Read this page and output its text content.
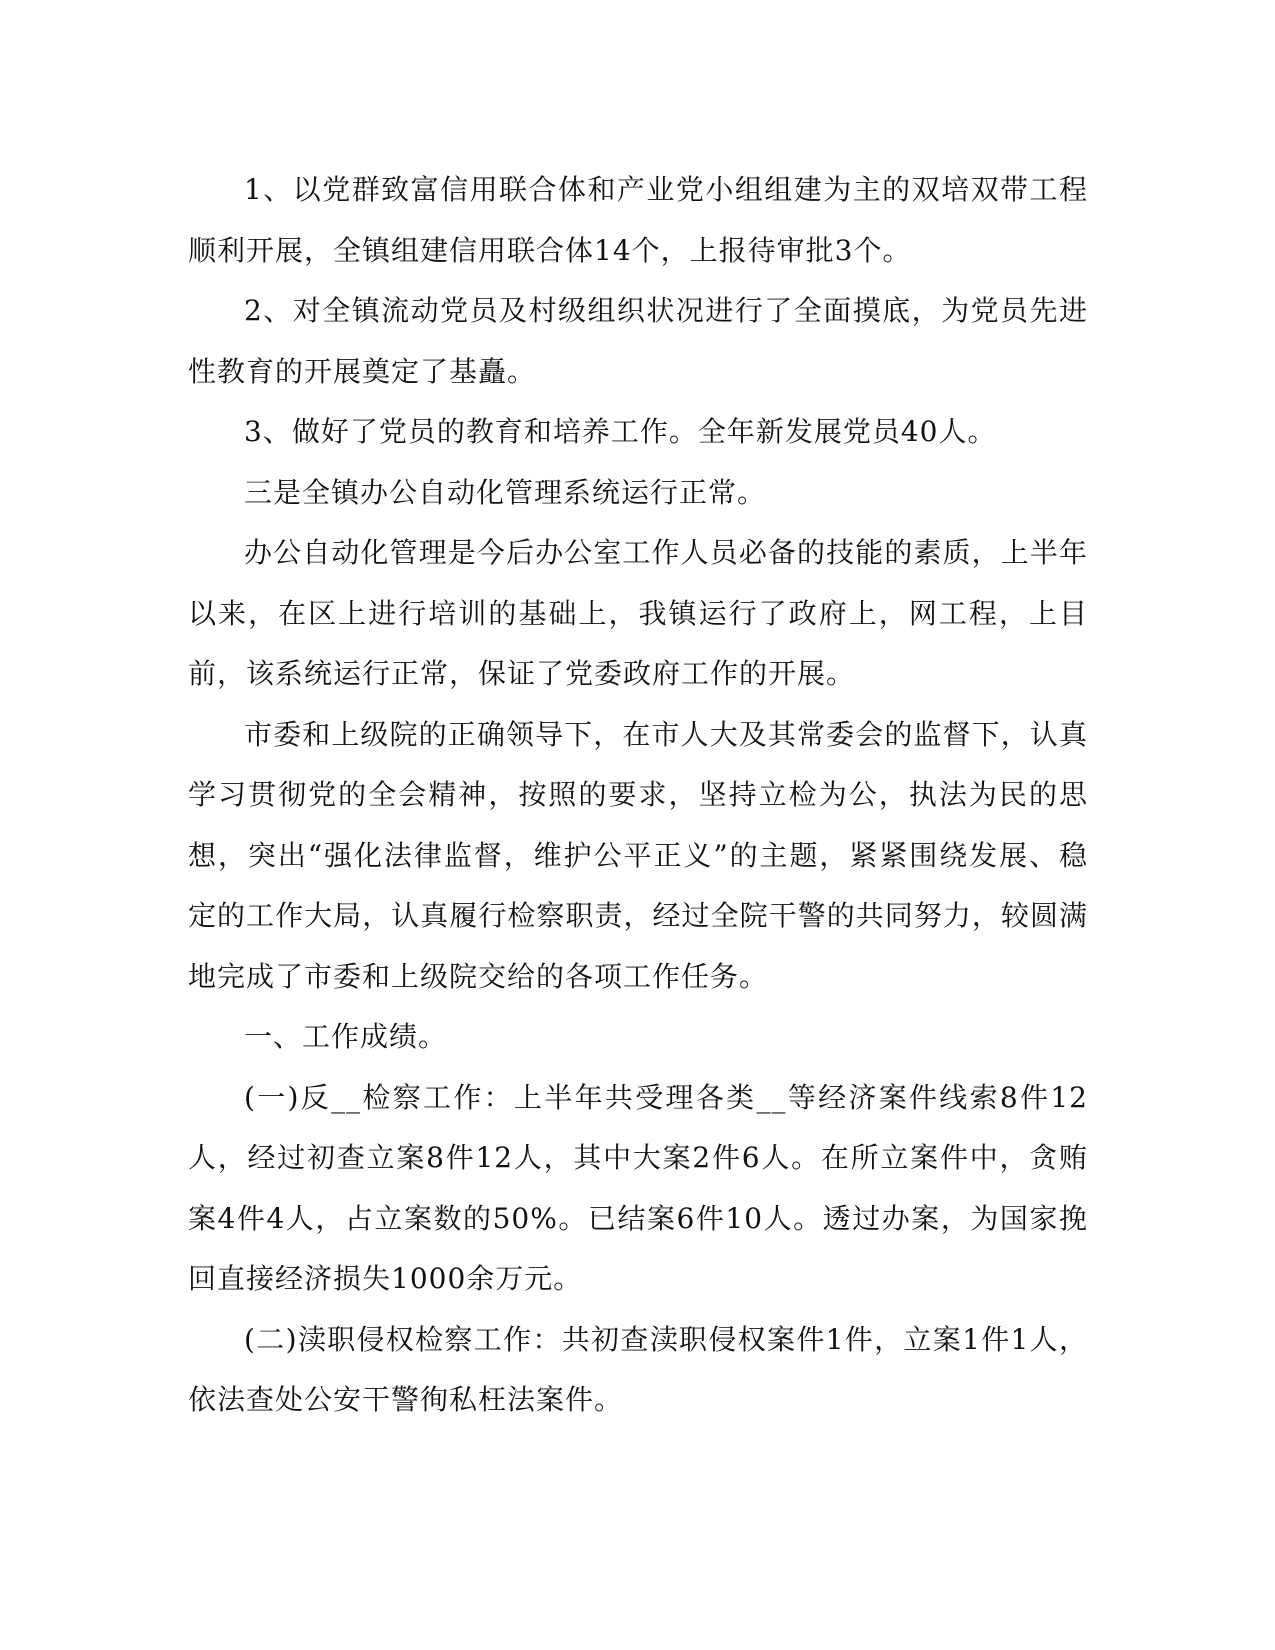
1、以党群致富信用联合体和产业党小组组建为主的双培双带工程顺利开展，全镇组建信用联合体14个，上报待审批3个。

2、对全镇流动党员及村级组织状况进行了全面摸底，为党员先进性教育的开展奠定了基矗。

3、做好了党员的教育和培养工作。全年新发展党员40人。

三是全镇办公自动化管理系统运行正常。

办公自动化管理是今后办公室工作人员必备的技能的素质，上半年以来，在区上进行培训的基础上，我镇运行了政府上，网工程，上目前，该系统运行正常，保证了党委政府工作的开展。

市委和上级院的正确领导下，在市人大及其常委会的监督下，认真学习贯彻党的全会精神，按照的要求，坚持立检为公，执法为民的思想，突出“强化法律监督，维护公平正义”的主题，紧紧围绕发展、稳定的工作大局，认真履行检察职责，经过全院干警的共同努力，较圆满地完成了市委和上级院交给的各项工作任务。

一、工作成绩。

(一)反__检察工作：上半年共受理各类__等经济案件线索8件12人，经过初查立案8件12人，其中大案2件6人。在所立案件中，贪贿案4件4人，占立案数的50%。已结案6件10人。透过办案，为国家挽回直接经济损失1000余万元。

(二)渎职侵权检察工作：共初查渎职侵权案件1件，立案1件1人，依法查处公安干警徇私枉法案件。
